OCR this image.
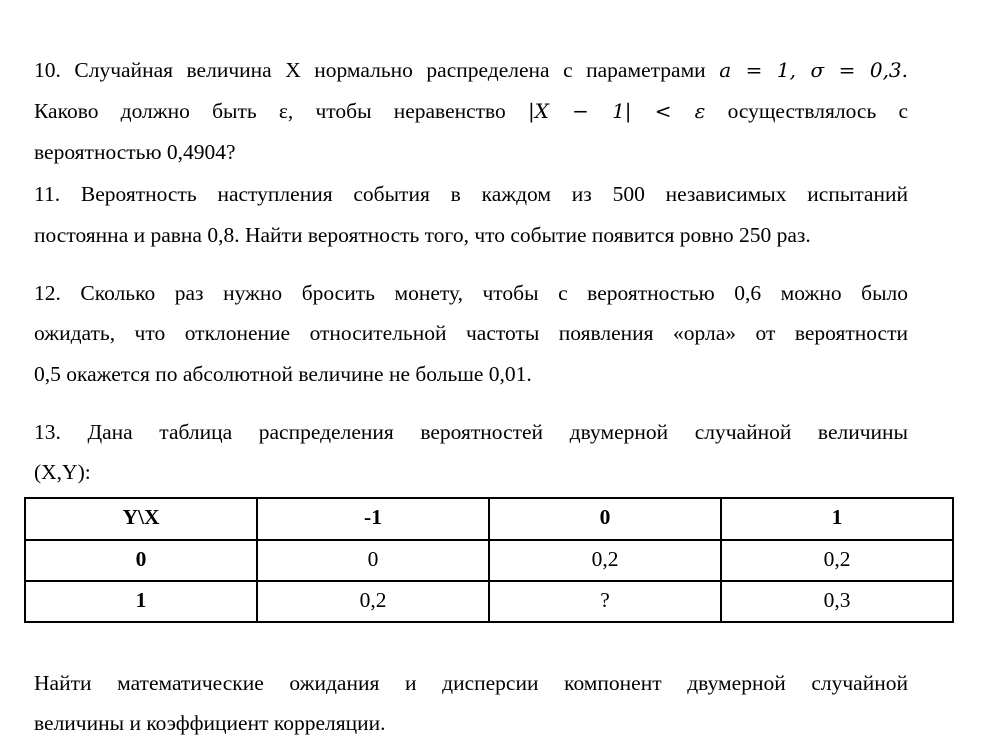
10. Случайная величина X нормально распределена с параметрами 𝑎 = 1, 𝜎 = 0,3.
Каково должно быть ε, чтобы неравенство |𝑋 − 1| < 𝜀 осуществлялось с
вероятностью 0,4904?
11. Вероятность наступления события в каждом из 500 независимых испытаний
постоянна и равна 0,8. Найти вероятность того, что событие появится ровно 250 раз.
12. Сколько раз нужно бросить монету, чтобы с вероятностью 0,6 можно было
ожидать, что отклонение относительной частоты появления «орла» от вероятности
0,5 окажется по абсолютной величине не больше 0,01.
13. Дана таблица распределения вероятностей двумерной случайной величины
(X,Y):
Y\X	-1	0	1
0	0	0,2	0,2
1	0,2	?	0,3
Найти математические ожидания и дисперсии компонент двумерной случайной
величины и коэффициент корреляции.
